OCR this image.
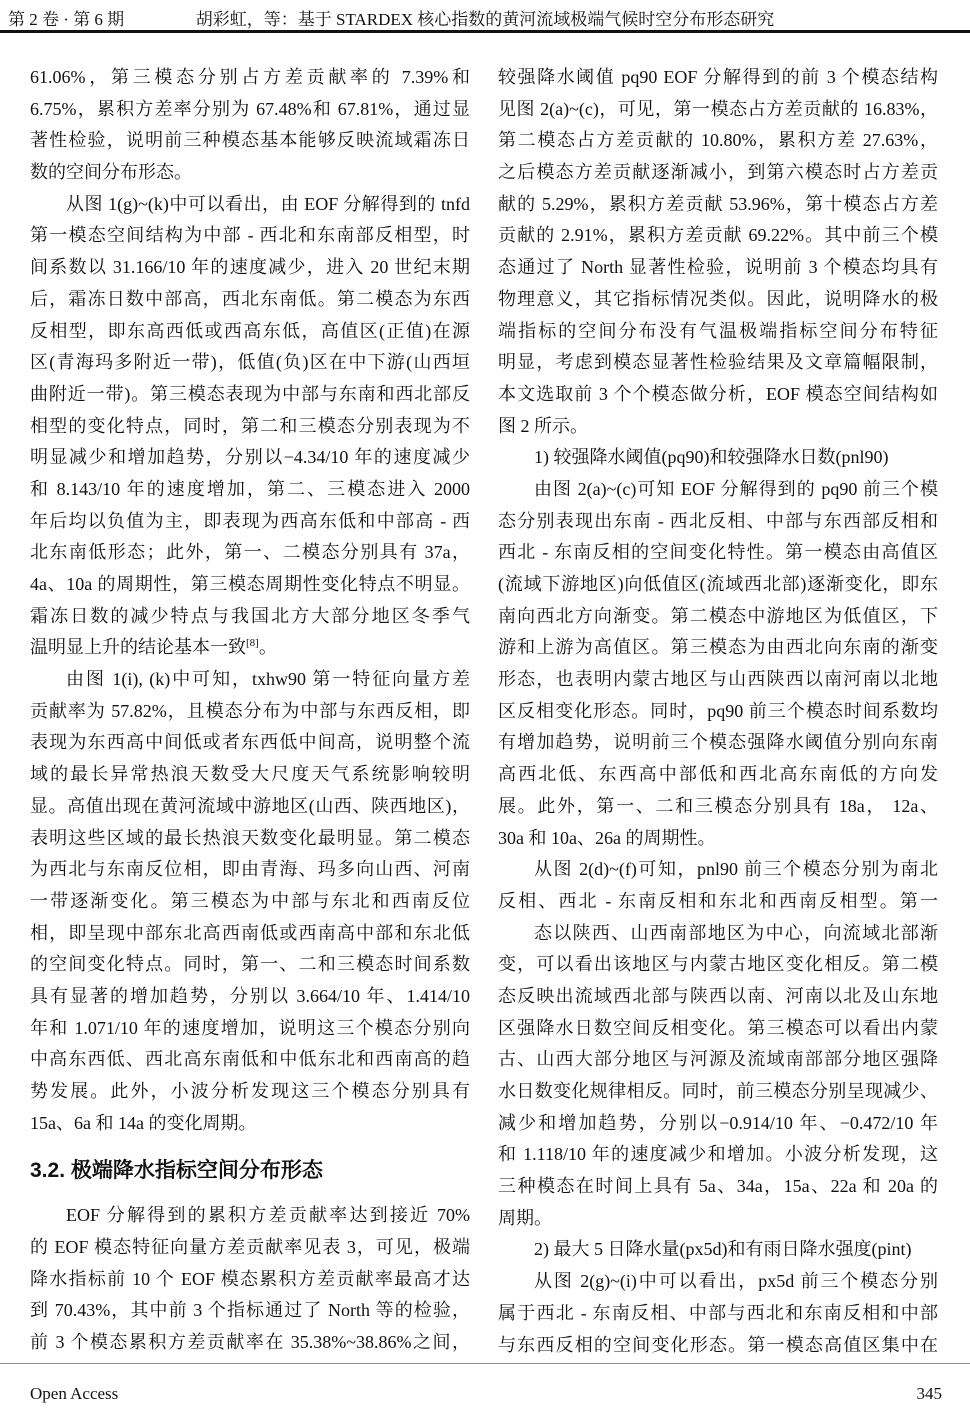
第 2 卷 · 第 6 期	胡彩虹，等：基于 STARDEX 核心指数的黄河流域极端气候时空分布形态研究
61.06%，第三模态分别占方差贡献率的 7.39%和
6.75%，累积方差率分别为 67.48%和 67.81%，通过显
著性检验，说明前三种模态基本能够反映流域霜冻日
数的空间分布形态。
从图 1(g)~(k)中可以看出，由 EOF 分解得到的 tnfd
第一模态空间结构为中部 - 西北和东南部反相型，时
间系数以 31.166/10 年的速度减少，进入 20 世纪末期
后，霜冻日数中部高，西北东南低。第二模态为东西
反相型，即东高西低或西高东低，高值区(正值)在源
区(青海玛多附近一带)，低值(负)区在中下游(山西垣
曲附近一带)。第三模态表现为中部与东南和西北部反
相型的变化特点，同时，第二和三模态分别表现为不
明显减少和增加趋势，分别以−4.34/10 年的速度减少
和 8.143/10 年的速度增加，第二、三模态进入 2000
年后均以负值为主，即表现为西高东低和中部高 - 西
北东南低形态；此外，第一、二模态分别具有 37a，
4a、10a 的周期性，第三模态周期性变化特点不明显。
霜冻日数的减少特点与我国北方大部分地区冬季气
温明显上升的结论基本一致[8]。
由图 1(i), (k)中可知，txhw90 第一特征向量方差
贡献率为 57.82%，且模态分布为中部与东西反相，即
表现为东西高中间低或者东西低中间高，说明整个流
域的最长异常热浪天数受大尺度天气系统影响较明
显。高值出现在黄河流域中游地区(山西、陕西地区)，
表明这些区域的最长热浪天数变化最明显。第二模态
为西北与东南反位相，即由青海、玛多向山西、河南
一带逐渐变化。第三模态为中部与东北和西南反位
相，即呈现中部东北高西南低或西南高中部和东北低
的空间变化特点。同时，第一、二和三模态时间系数
具有显著的增加趋势，分别以 3.664/10 年、1.414/10
年和 1.071/10 年的速度增加，说明这三个模态分别向
中高东西低、西北高东南低和中低东北和西南高的趋
势发展。此外，小波分析发现这三个模态分别具有
15a、6a 和 14a 的变化周期。
3.2. 极端降水指标空间分布形态
EOF 分解得到的累积方差贡献率达到接近 70%
的 EOF 模态特征向量方差贡献率见表 3，可见，极端
降水指标前 10 个 EOF 模态累积方差贡献率最高才达
到 70.43%，其中前 3 个指标通过了 North 等的检验，
前 3 个模态累积方差贡献率在 35.38%~38.86%之间，
较强降水阈值 pq90 EOF 分解得到的前 3 个模态结构
见图 2(a)~(c)，可见，第一模态占方差贡献的 16.83%，
第二模态占方差贡献的 10.80%，累积方差 27.63%，
之后模态方差贡献逐渐减小，到第六模态时占方差贡
献的 5.29%，累积方差贡献 53.96%，第十模态占方差
贡献的 2.91%，累积方差贡献 69.22%。其中前三个模
态通过了 North 显著性检验，说明前 3 个模态均具有
物理意义，其它指标情况类似。因此，说明降水的极
端指标的空间分布没有气温极端指标空间分布特征
明显，考虑到模态显著性检验结果及文章篇幅限制，
本文选取前 3 个个模态做分析，EOF 模态空间结构如
图 2 所示。
1) 较强降水阈值(pq90)和较强降水日数(pnl90)
由图 2(a)~(c)可知 EOF 分解得到的 pq90 前三个模
态分别表现出东南 - 西北反相、中部与东西部反相和
西北 - 东南反相的空间变化特性。第一模态由高值区
(流域下游地区)向低值区(流域西北部)逐渐变化，即东
南向西北方向渐变。第二模态中游地区为低值区，下
游和上游为高值区。第三模态为由西北向东南的渐变
形态，也表明内蒙古地区与山西陕西以南河南以北地
区反相变化形态。同时，pq90 前三个模态时间系数均
有增加趋势，说明前三个模态强降水阈值分别向东南
高西北低、东西高中部低和西北高东南低的方向发
展。此外，第一、二和三模态分别具有 18a， 12a、
30a 和 10a、26a 的周期性。
从图 2(d)~(f)可知，pnl90 前三个模态分别为南北
反相、西北 - 东南反相和东北和西南反相型。第一
态以陕西、山西南部地区为中心，向流域北部渐
变，可以看出该地区与内蒙古地区变化相反。第二模
态反映出流域西北部与陕西以南、河南以北及山东地
区强降水日数空间反相变化。第三模态可以看出内蒙
古、山西大部分地区与河源及流域南部部分地区强降
水日数变化规律相反。同时，前三模态分别呈现减少、
减少和增加趋势，分别以−0.914/10 年、−0.472/10 年
和 1.118/10 年的速度减少和增加。小波分析发现，这
三种模态在时间上具有 5a、34a，15a、22a 和 20a 的
周期。
2) 最大 5 日降水量(px5d)和有雨日降水强度(pint)
从图 2(g)~(i)中可以看出，px5d 前三个模态分别
属于西北 - 东南反相、中部与西北和东南反相和中部
与东西反相的空间变化形态。第一模态高值区集中在
Open Access	345
